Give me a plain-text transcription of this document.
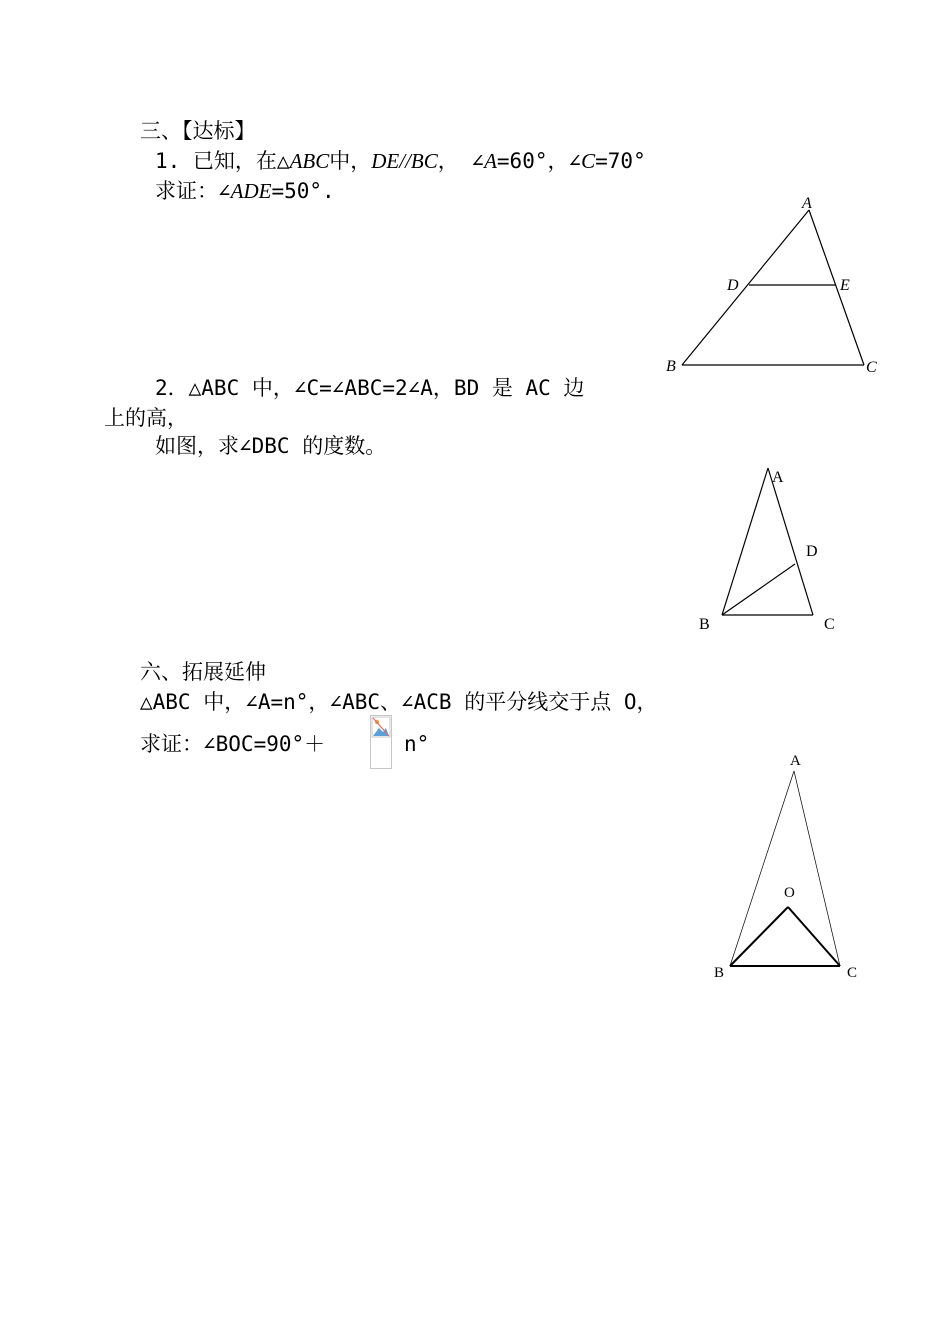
三、【达标】
1. 已知，在△ABC中，DE//BC， ∠A=60°，∠C=70°
求证：∠ADE=50°.
A
B	C
D	E
2．△ABC 中，∠C=∠ABC=2∠A，BD 是 AC 边
上的高，
如图，求∠DBC 的度数。
A
B	C
D
六、拓展延伸
△ABC 中，∠A=n°，∠ABC、∠ACB 的平分线交于点 O，
求证：∠BOC=90°＋	n°
A
B	C
O
